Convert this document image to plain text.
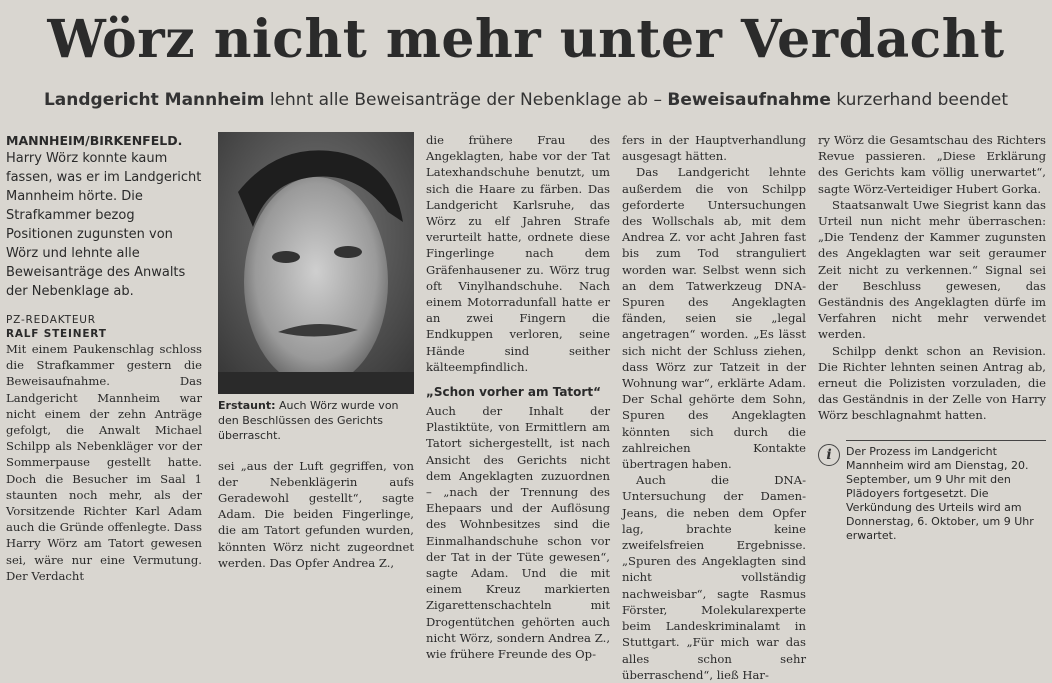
Wörz nicht mehr unter Verdacht
Landgericht Mannheim lehnt alle Beweisanträge der Nebenklage ab – Beweisaufnahme kurzerhand beendet
MANNHEIM/BIRKENFELD.
Harry Wörz konnte kaum fassen, was er im Landgericht Mannheim hörte. Die Strafkammer bezog Positionen zugunsten von Wörz und lehnte alle Beweisanträge des Anwalts der Nebenklage ab.
PZ-REDAKTEUR
RALF STEINERT

Mit einem Paukenschlag schloss die Strafkammer gestern die Beweisaufnahme. Das Landgericht Mannheim war nicht einem der zehn Anträge gefolgt, die Anwalt Michael Schilpp als Nebenkläger vor der Sommerpause gestellt hatte. Doch die Besucher im Saal 1 staunten noch mehr, als der Vorsitzende Richter Karl Adam auch die Gründe offenlegte. Dass Harry Wörz am Tatort gewesen sei, wäre nur eine Vermutung. Der Verdacht

Erstaunt: Auch Wörz wurde von den Beschlüssen des Gerichts überrascht.

sei „aus der Luft gegriffen, von der Nebenklägerin aufs Geradewohl gestellt“, sagte Adam. Die beiden Fingerlinge, die am Tatort gefunden wurden, könnten Wörz nicht zugeordnet werden. Das Opfer Andrea Z.,

die frühere Frau des Angeklagten, habe vor der Tat Latexhandschuhe benutzt, um sich die Haare zu färben. Das Landgericht Karlsruhe, das Wörz zu elf Jahren Strafe verurteilt hatte, ordnete diese Fingerlinge nach dem Gräfenhausener zu. Wörz trug oft Vinylhandschuhe. Nach einem Motorradunfall hatte er an zwei Fingern die Endkuppen verloren, seine Hände sind seither kälteempfindlich.

„Schon vorher am Tatort“

Auch der Inhalt der Plastiktüte, von Ermittlern am Tatort sichergestellt, ist nach Ansicht des Gerichts nicht dem Angeklagten zuzuordnen – „nach der Trennung des Ehepaars und der Auflösung des Wohnbesitzes sind die Einmalhandschuhe schon vor der Tat in der Tüte gewesen“, sagte Adam. Und die mit einem Kreuz markierten Zigarettenschachteln mit Drogentütchen gehörten auch nicht Wörz, sondern Andrea Z., wie frühere Freunde des Op-

fers in der Hauptverhandlung ausgesagt hätten.

Das Landgericht lehnte außerdem die von Schilpp geforderte Untersuchungen des Wollschals ab, mit dem Andrea Z. vor acht Jahren fast bis zum Tod stranguliert worden war. Selbst wenn sich an dem Tatwerkzeug DNA-Spuren des Angeklagten fänden, seien sie „legal angetragen“ worden. „Es lässt sich nicht der Schluss ziehen, dass Wörz zur Tatzeit in der Wohnung war“, erklärte Adam. Der Schal gehörte dem Sohn, Spuren des Angeklagten könnten sich durch die zahlreichen Kontakte übertragen haben.

Auch die DNA-Untersuchung der Damen-Jeans, die neben dem Opfer lag, brachte keine zweifelsfreien Ergebnisse. „Spuren des Angeklagten sind nicht vollständig nachweisbar“, sagte Rasmus Förster, Molekularexperte beim Landeskriminalamt in Stuttgart. „Für mich war das alles schon sehr überraschend“, ließ Har-

ry Wörz die Gesamtschau des Richters Revue passieren. „Diese Erklärung des Gerichts kam völlig unerwartet“, sagte Wörz-Verteidiger Hubert Gorka.

Staatsanwalt Uwe Siegrist kann das Urteil nun nicht mehr überraschen: „Die Tendenz der Kammer zugunsten des Angeklagten war seit geraumer Zeit nicht zu verkennen.“ Signal sei der Beschluss gewesen, das Geständnis des Angeklagten dürfe im Verfahren nicht mehr verwendet werden.

Schilpp denkt schon an Revision. Die Richter lehnten seinen Antrag ab, erneut die Polizisten vorzuladen, die das Geständnis in der Zelle von Harry Wörz beschlagnahmt hatten.

i	Der Prozess im Landgericht Mannheim wird am Dienstag, 20. September, um 9 Uhr mit den Plädoyers fortgesetzt. Die Verkündung des Urteils wird am Donnerstag, 6. Oktober, um 9 Uhr erwartet.
